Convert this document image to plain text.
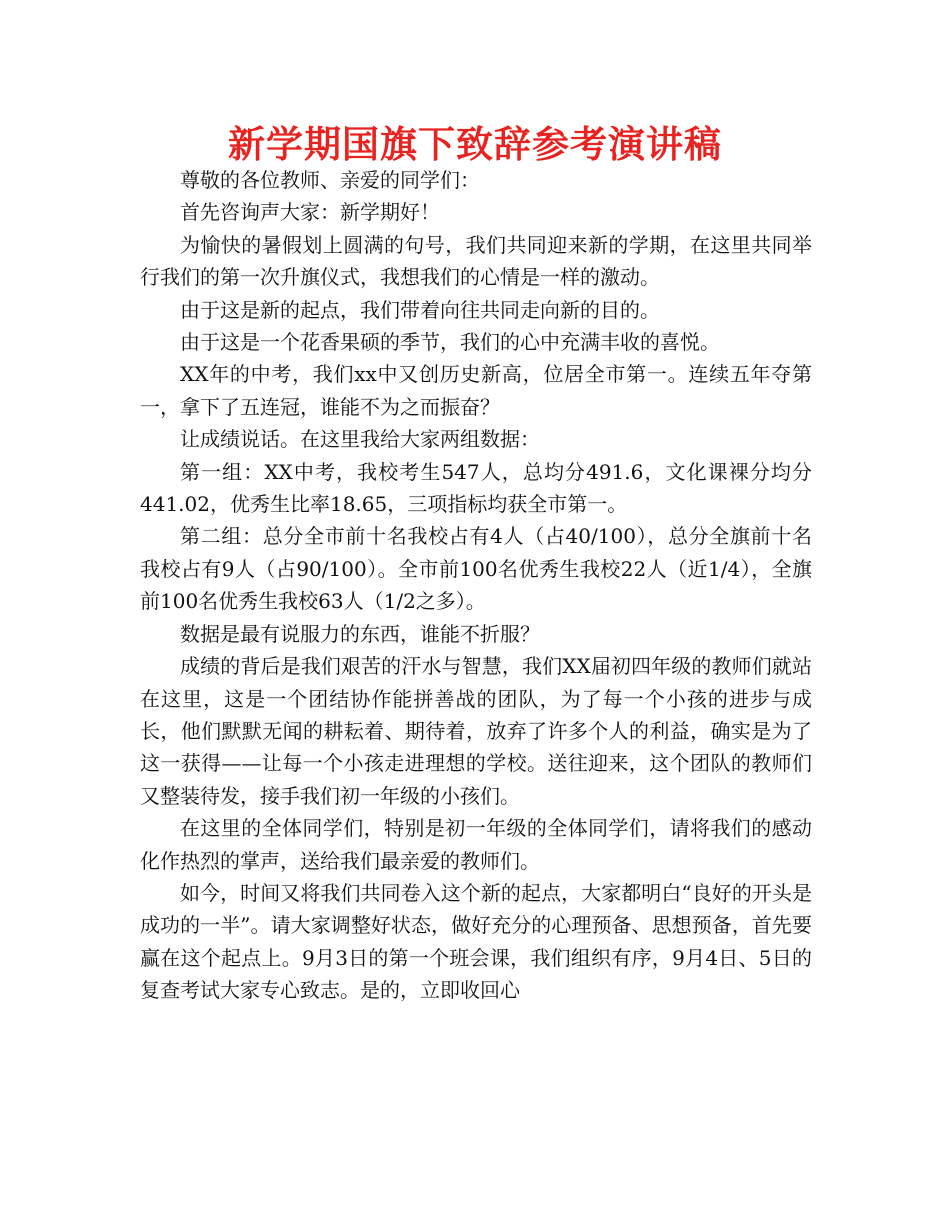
新学期国旗下致辞参考演讲稿

尊敬的各位教师、亲爱的同学们：

首先咨询声大家：新学期好！

为愉快的暑假划上圆满的句号，我们共同迎来新的学期，在这里共同举行我们的第一次升旗仪式，我想我们的心情是一样的激动。

由于这是新的起点，我们带着向往共同走向新的目的。

由于这是一个花香果硕的季节，我们的心中充满丰收的喜悦。

XX年的中考，我们xx中又创历史新高，位居全市第一。连续五年夺第一，拿下了五连冠，谁能不为之而振奋？

让成绩说话。在这里我给大家两组数据：

第一组：XX中考，我校考生547人，总均分491.6，文化课裸分均分441.02，优秀生比率18.65，三项指标均获全市第一。

第二组：总分全市前十名我校占有4人（占40/100），总分全旗前十名我校占有9人（占90/100）。全市前100名优秀生我校22人（近1/4），全旗前100名优秀生我校63人（1/2之多）。

数据是最有说服力的东西，谁能不折服？

成绩的背后是我们艰苦的汗水与智慧，我们XX届初四年级的教师们就站在这里，这是一个团结协作能拼善战的团队，为了每一个小孩的进步与成长，他们默默无闻的耕耘着、期待着，放弃了许多个人的利益，确实是为了这一获得——让每一个小孩走进理想的学校。送往迎来，这个团队的教师们又整装待发，接手我们初一年级的小孩们。

在这里的全体同学们，特别是初一年级的全体同学们，请将我们的感动化作热烈的掌声，送给我们最亲爱的教师们。

如今，时间又将我们共同卷入这个新的起点，大家都明白“良好的开头是成功的一半”。请大家调整好状态，做好充分的心理预备、思想预备，首先要赢在这个起点上。9月3日的第一个班会课，我们组织有序，9月4日、5日的复查考试大家专心致志。是的，立即收回心
